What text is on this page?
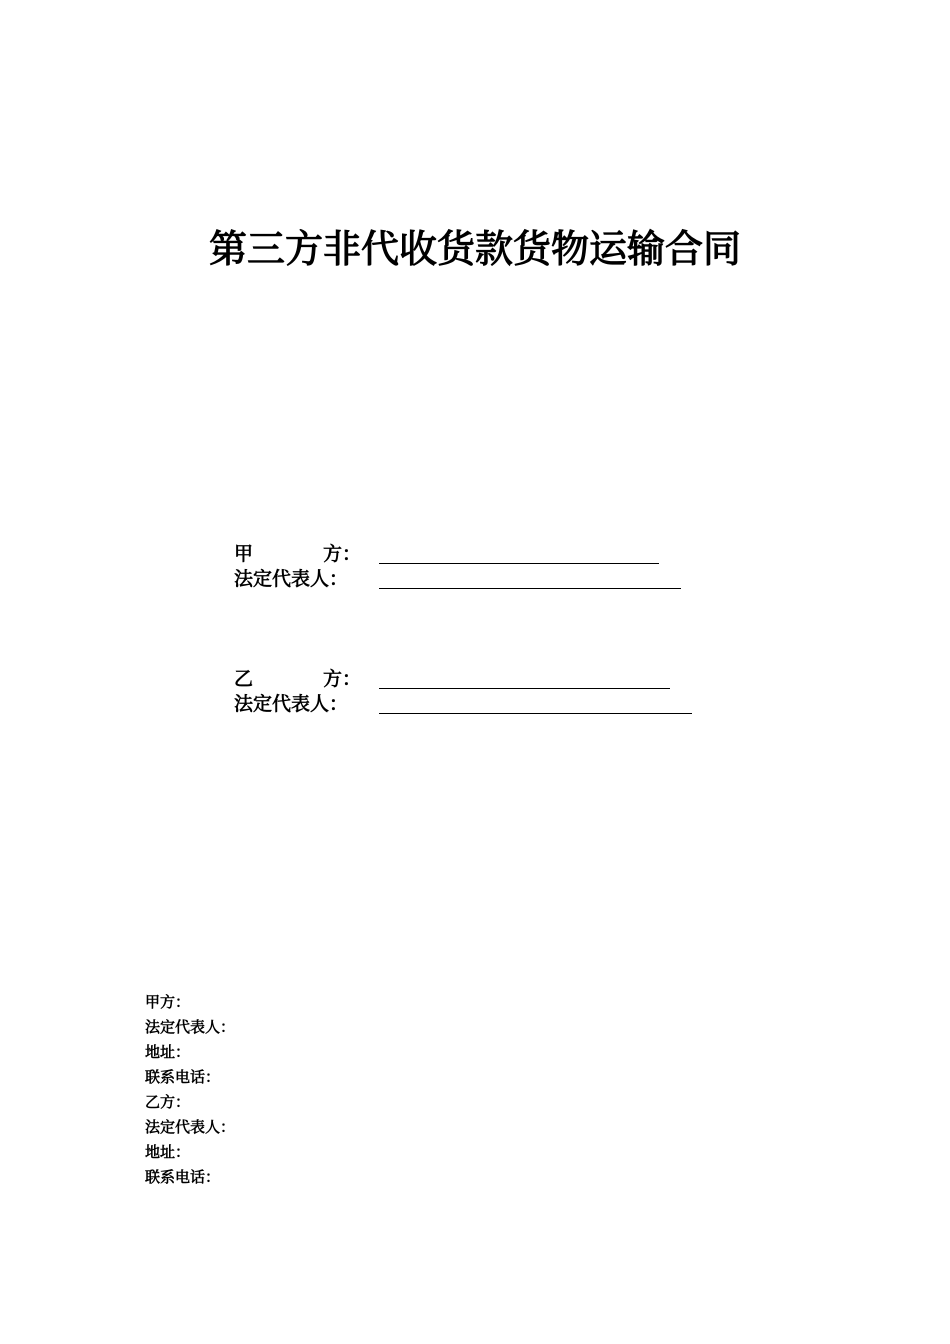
第三方非代收货款货物运输合同
甲	方：
法定代表人：
乙	方：
法定代表人：
甲方：
法定代表人：
地址：
联系电话：
乙方：
法定代表人：
地址：
联系电话：
